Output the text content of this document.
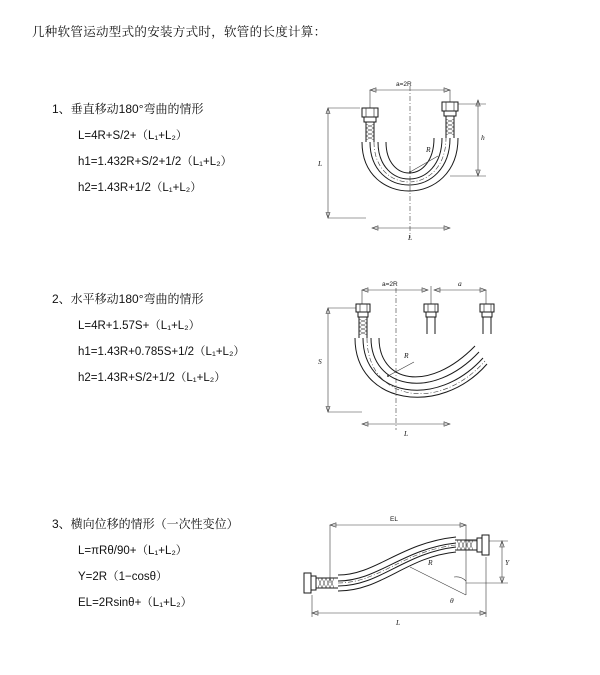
几种软管运动型式的安装方式时，软管的长度计算：
1、垂直移动180°弯曲的情形
L=4R+S/2+（L₁+L₂）
h1=1.432R+S/2+1/2（L₁+L₂）
h2=1.43R+1/2（L₁+L₂）
a=2R
h
L
R
L
2、水平移动180°弯曲的情形
L=4R+1.57S+（L₁+L₂）
h1=1.43R+0.785S+1/2（L₁+L₂）
h2=1.43R+S/2+1/2（L₁+L₂）
a=2R	a
S
R
L
3、横向位移的情形（一次性变位）
L=πRθ/90+（L₁+L₂）
Y=2R（1−cosθ）
EL=2Rsinθ+（L₁+L₂）
EL
Y
θ
R
L
